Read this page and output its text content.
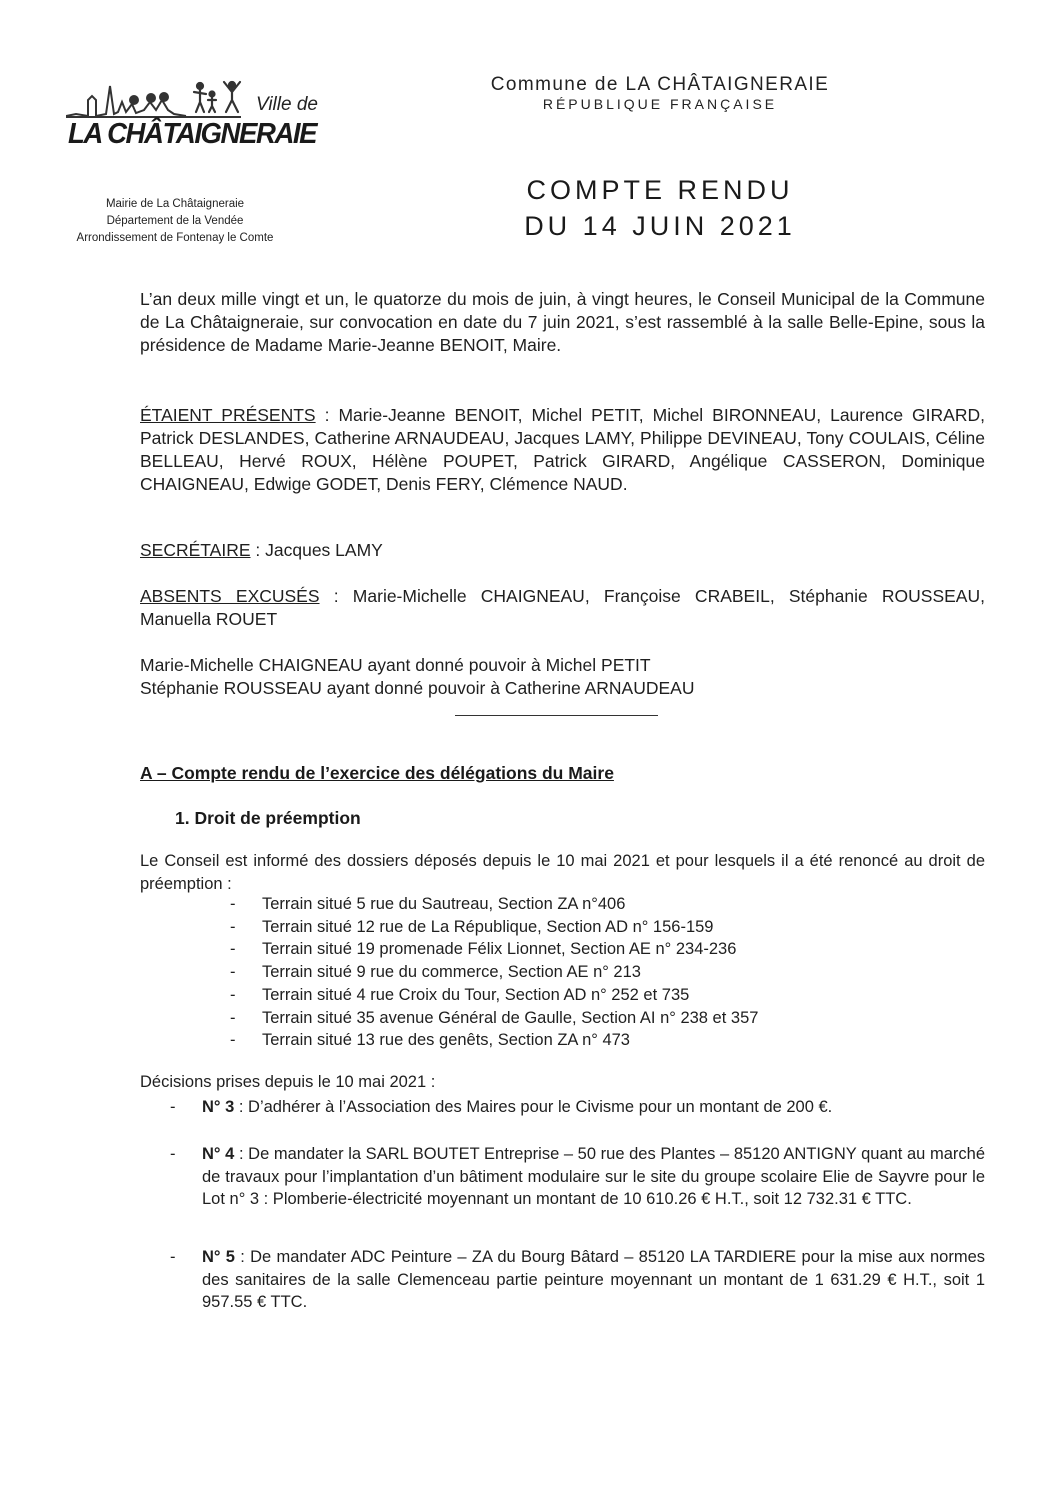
Ville de
LA CHÂTAIGNERAIE
Mairie de La Châtaigneraie
Département de la Vendée
Arrondissement de Fontenay le Comte
Commune de LA CHÂTAIGNERAIE
RÉPUBLIQUE FRANÇAISE
COMPTE RENDU
DU 14 JUIN 2021
L’an deux mille vingt et un, le quatorze du mois de juin, à vingt heures, le Conseil Municipal de la Commune de La Châtaigneraie, sur convocation en date du 7 juin 2021, s’est rassemblé à la salle Belle-Epine, sous la présidence de Madame Marie-Jeanne BENOIT, Maire.
ÉTAIENT PRÉSENTS : Marie-Jeanne BENOIT, Michel PETIT, Michel BIRONNEAU, Laurence GIRARD, Patrick DESLANDES, Catherine ARNAUDEAU, Jacques LAMY, Philippe DEVINEAU, Tony COULAIS, Céline BELLEAU, Hervé ROUX, Hélène POUPET, Patrick GIRARD, Angélique CASSERON, Dominique CHAIGNEAU, Edwige GODET, Denis FERY, Clémence NAUD.
SECRÉTAIRE : Jacques LAMY
ABSENTS EXCUSÉS : Marie-Michelle CHAIGNEAU, Françoise CRABEIL, Stéphanie ROUSSEAU, Manuella ROUET
Marie-Michelle CHAIGNEAU ayant donné pouvoir à Michel PETIT
Stéphanie ROUSSEAU ayant donné pouvoir à Catherine ARNAUDEAU
A – Compte rendu de l’exercice des délégations du Maire
1. Droit de préemption
Le Conseil est informé des dossiers déposés depuis le 10 mai 2021 et pour lesquels il a été renoncé au droit de préemption :
- Terrain situé 5 rue du Sautreau, Section ZA n°406
- Terrain situé 12 rue de La République, Section AD n° 156-159
- Terrain situé 19 promenade Félix Lionnet, Section AE n° 234-236
- Terrain situé 9 rue du commerce, Section AE n° 213
- Terrain situé 4 rue Croix du Tour, Section AD n° 252 et 735
- Terrain situé 35 avenue Général de Gaulle, Section AI n° 238 et 357
- Terrain situé 13 rue des genêts, Section ZA n° 473
Décisions prises depuis le 10 mai 2021 :
- N° 3 : D’adhérer à l’Association des Maires pour le Civisme pour un montant de 200 €.
- N° 4 : De mandater la SARL BOUTET Entreprise – 50 rue des Plantes – 85120 ANTIGNY quant au marché de travaux pour l’implantation d’un bâtiment modulaire sur le site du groupe scolaire Elie de Sayvre pour le Lot n° 3 : Plomberie-électricité moyennant un montant de 10 610.26 € H.T., soit 12 732.31 € TTC.
- N° 5 : De mandater ADC Peinture – ZA du Bourg Bâtard – 85120 LA TARDIERE pour la mise aux normes des sanitaires de la salle Clemenceau partie peinture moyennant un montant de 1 631.29 € H.T., soit 1 957.55 € TTC.
